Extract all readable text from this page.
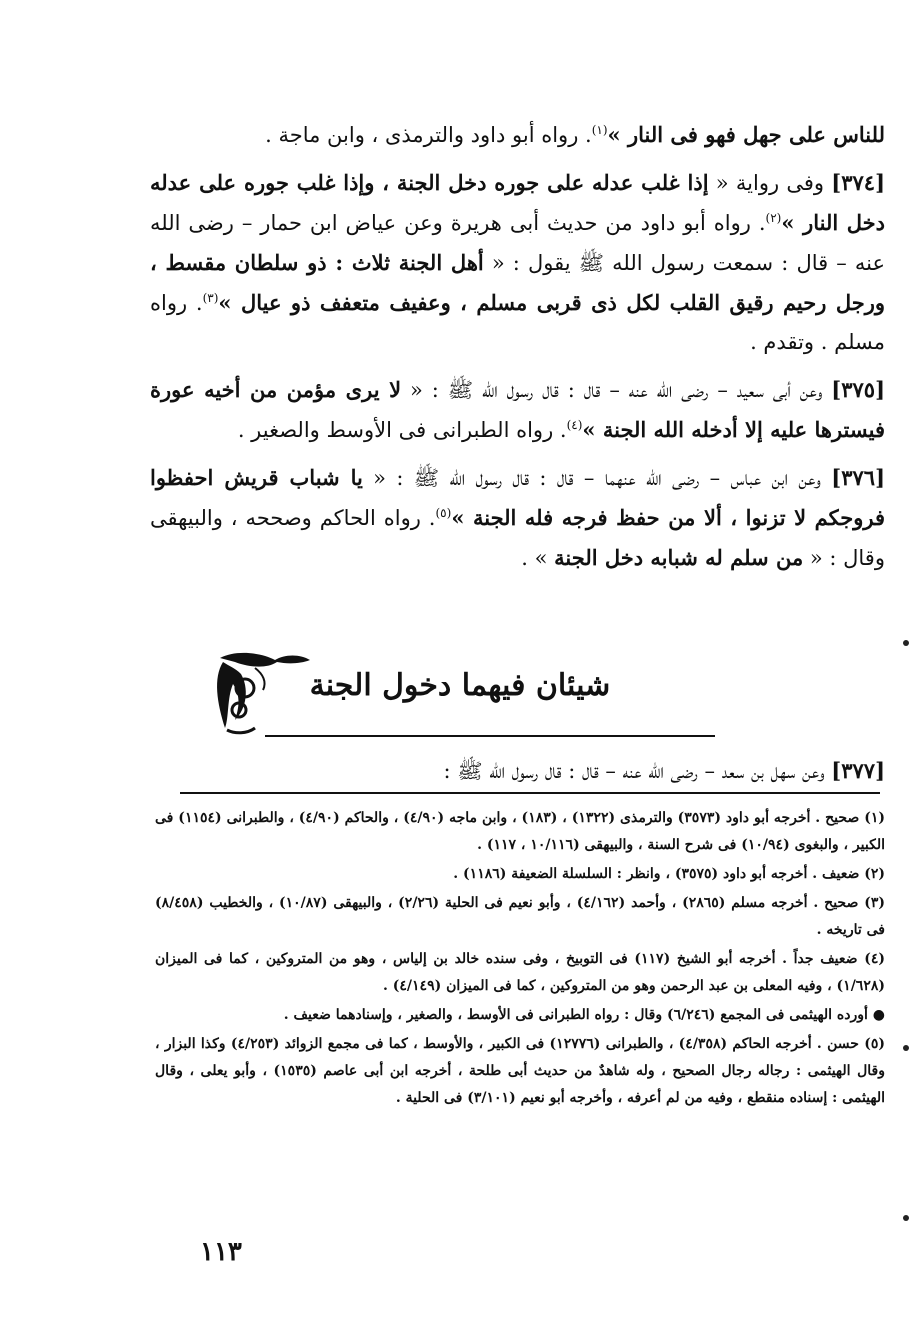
للناس على جهل فهو فى النار »$^{(١)}$. رواه أبو داود والترمذى ، وابن ماجة .

[٣٧٤] وفى رواية « إذا غلب عدله على جوره دخل الجنة ، وإذا غلب جوره على عدله دخل النار »$^{(٢)}$. رواه أبو داود من حديث أبى هريرة وعن عياض ابن حمار – رضى الله عنه – قال : سمعت رسول الله ﷺ يقول : « أهل الجنة ثلاث : ذو سلطان مقسط ، ورجل رحيم رقيق القلب لكل ذى قربى مسلم ، وعفيف متعفف ذو عيال »$^{(٣)}$. رواه مسلم . وتقدم .

[٣٧٥] وعن أبى سعيد – رضى الله عنه – قال : قال رسول الله ﷺ : « لا يرى مؤمن من أخيه عورة فيسترها عليه إلا أدخله الله الجنة »$^{(٤)}$. رواه الطبرانى فى الأوسط والصغير .

[٣٧٦] وعن ابن عباس – رضى الله عنهما – قال : قال رسول الله ﷺ : « يا شباب قريش احفظوا فروجكم لا تزنوا ، ألا من حفظ فرجه فله الجنة »$^{(٥)}$. رواه الحاكم وصححه ، والبيهقى وقال : « من سلم له شبابه دخل الجنة » .

شيئان فيهما دخول الجنة
[٣٧٧] وعن سهل بن سعد – رضى الله عنه – قال : قال رسول الله ﷺ :

(١) صحيح . أخرجه أبو داود (٣٥٧٣) والترمذى (١٣٢٢) ، (١٨٣) ، وابن ماجه (٤/٩٠) ، والحاكم (٤/٩٠) ، والطبرانى (١١٥٤) فى الكبير ، والبغوى (١٠/٩٤) فى شرح السنة ، والبيهقى (١٠/١١٦ ، ١١٧) .

(٢) ضعيف . أخرجه أبو داود (٣٥٧٥) ، وانظر : السلسلة الضعيفة (١١٨٦) .

(٣) صحيح . أخرجه مسلم (٢٨٦٥) ، وأحمد (٤/١٦٢) ، وأبو نعيم فى الحلية (٢/٢٦) ، والبيهقى (١٠/٨٧) ، والخطيب (٨/٤٥٨) فى تاريخه .

(٤) ضعيف جداً . أخرجه أبو الشيخ (١١٧) فى التوبيخ ، وفى سنده خالد بن إلياس ، وهو من المتروكين ، كما فى الميزان (١/٦٢٨) ، وفيه المعلى بن عبد الرحمن وهو من المتروكين ، كما فى الميزان (٤/١٤٩) .

● أورده الهيثمى فى المجمع (٦/٢٤٦) وقال : رواه الطبرانى فى الأوسط ، والصغير ، وإسنادهما ضعيف .

(٥) حسن . أخرجه الحاكم (٤/٣٥٨) ، والطبرانى (١٢٧٧٦) فى الكبير ، والأوسط ، كما فى مجمع الزوائد (٤/٢٥٣) وكذا البزار ، وقال الهيثمى : رجاله رجال الصحيح ، وله شاهدٌ من حديث أبى طلحة ، أخرجه ابن أبى عاصم (١٥٣٥) ، وأبو يعلى ، وقال الهيثمى : إسناده منقطع ، وفيه من لم أعرفه ، وأخرجه أبو نعيم (٣/١٠١) فى الحلية .

١١٣
